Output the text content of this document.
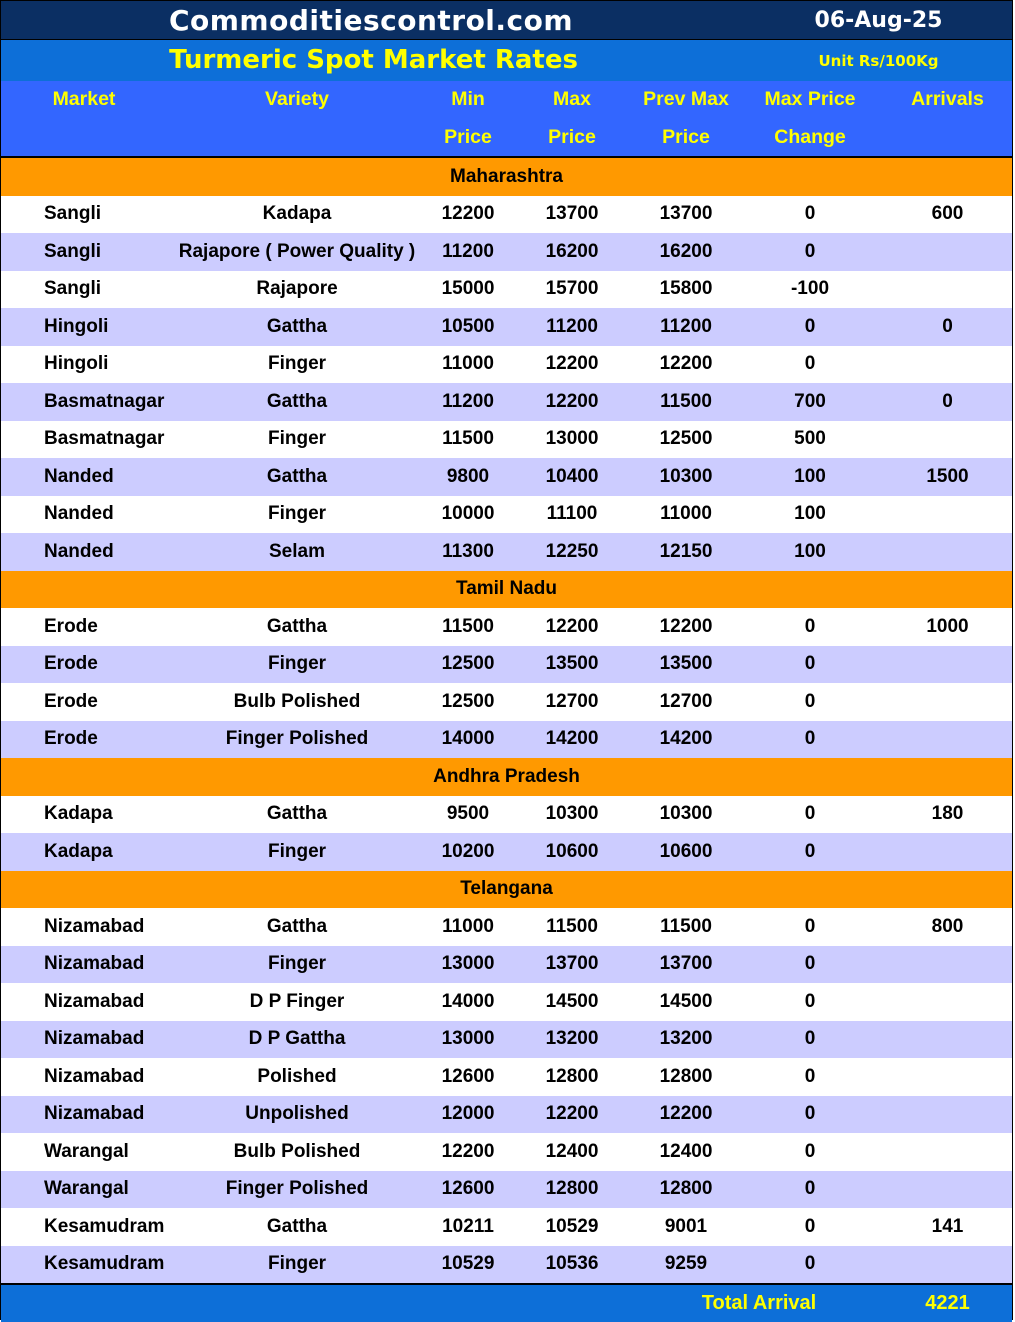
Commoditiescontrol.com	06-Aug-25
Turmeric Spot Market Rates	Unit Rs/100Kg
Market	Variety	Min	Max	Prev Max	Max Price	Arrivals
		Price	Price	Price	Change	
Maharashtra						
Sangli	Kadapa	12200	13700	13700	0	600
Sangli	Rajapore ( Power Quality )	11200	16200	16200	0	
Sangli	Rajapore	15000	15700	15800	-100	
Hingoli	Gattha	10500	11200	11200	0	0
Hingoli	Finger	11000	12200	12200	0	
Basmatnagar	Gattha	11200	12200	11500	700	0
Basmatnagar	Finger	11500	13000	12500	500	
Nanded	Gattha	9800	10400	10300	100	1500
Nanded	Finger	10000	11100	11000	100	
Nanded	Selam	11300	12250	12150	100	
Tamil Nadu						
Erode	Gattha	11500	12200	12200	0	1000
Erode	Finger	12500	13500	13500	0	
Erode	Bulb Polished	12500	12700	12700	0	
Erode	Finger Polished	14000	14200	14200	0	
Andhra Pradesh						
Kadapa	Gattha	9500	10300	10300	0	180
Kadapa	Finger	10200	10600	10600	0	
Telangana						
Nizamabad	Gattha	11000	11500	11500	0	800
Nizamabad	Finger	13000	13700	13700	0	
Nizamabad	D P Finger	14000	14500	14500	0	
Nizamabad	D P Gattha	13000	13200	13200	0	
Nizamabad	Polished	12600	12800	12800	0	
Nizamabad	Unpolished	12000	12200	12200	0	
Warangal	Bulb Polished	12200	12400	12400	0	
Warangal	Finger Polished	12600	12800	12800	0	
Kesamudram	Gattha	10211	10529	9001	0	141
Kesamudram	Finger	10529	10536	9259	0	
				Total Arrival		4221
